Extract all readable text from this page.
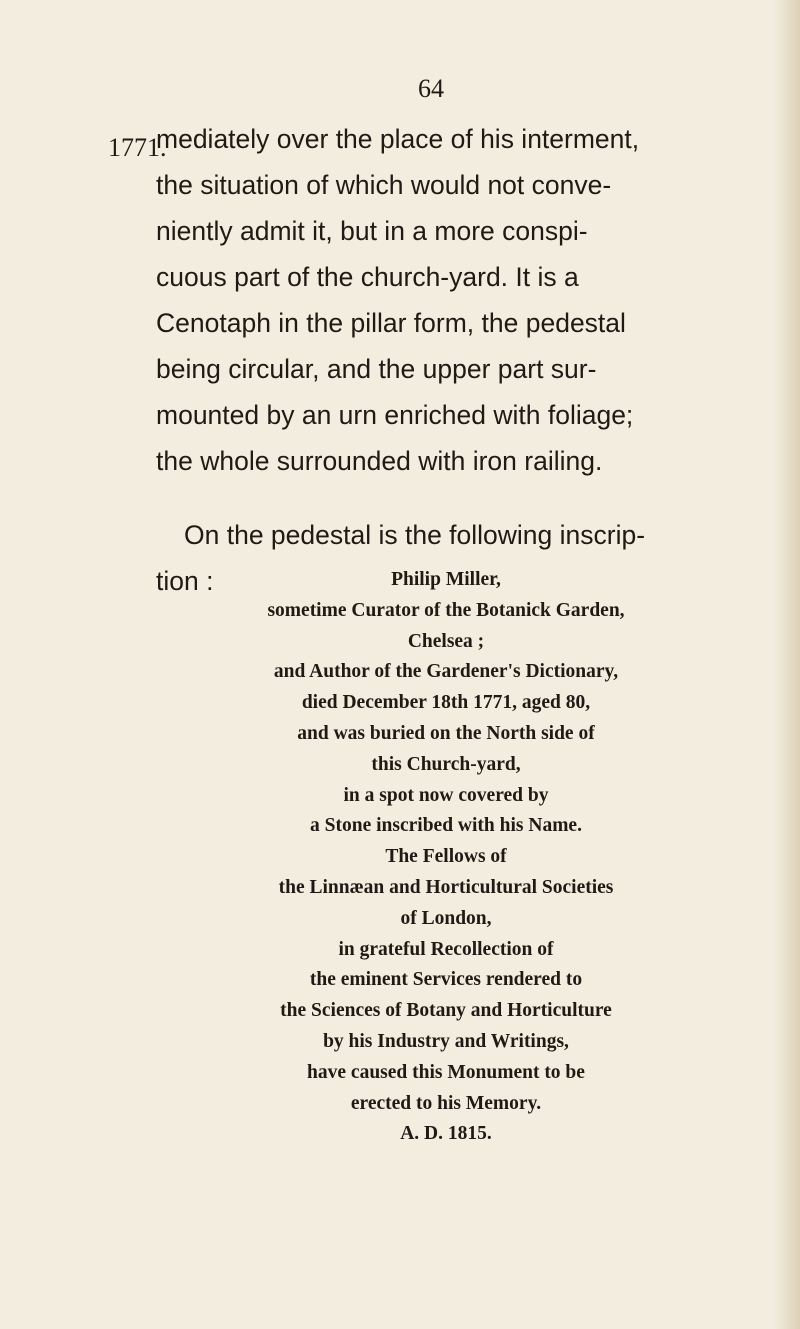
64
1771.
mediately over the place of his interment,
the situation of which would not conve-
niently admit it, but in a more conspi-
cuous part of the church-yard. It is a
Cenotaph in the pillar form, the pedestal
being circular, and the upper part sur-
mounted by an urn enriched with foliage;
the whole surrounded with iron railing.
On the pedestal is the following inscrip-
tion :	Philip Miller,
sometime Curator of the Botanick Garden,
Chelsea ;
and Author of the Gardener's Dictionary,
died December 18th 1771, aged 80,
and was buried on the North side of
this Church-yard,
in a spot now covered by
a Stone inscribed with his Name.
The Fellows of
the Linnæan and Horticultural Societies
of London,
in grateful Recollection of
the eminent Services rendered to
the Sciences of Botany and Horticulture
by his Industry and Writings,
have caused this Monument to be
erected to his Memory.
A. D. 1815.
